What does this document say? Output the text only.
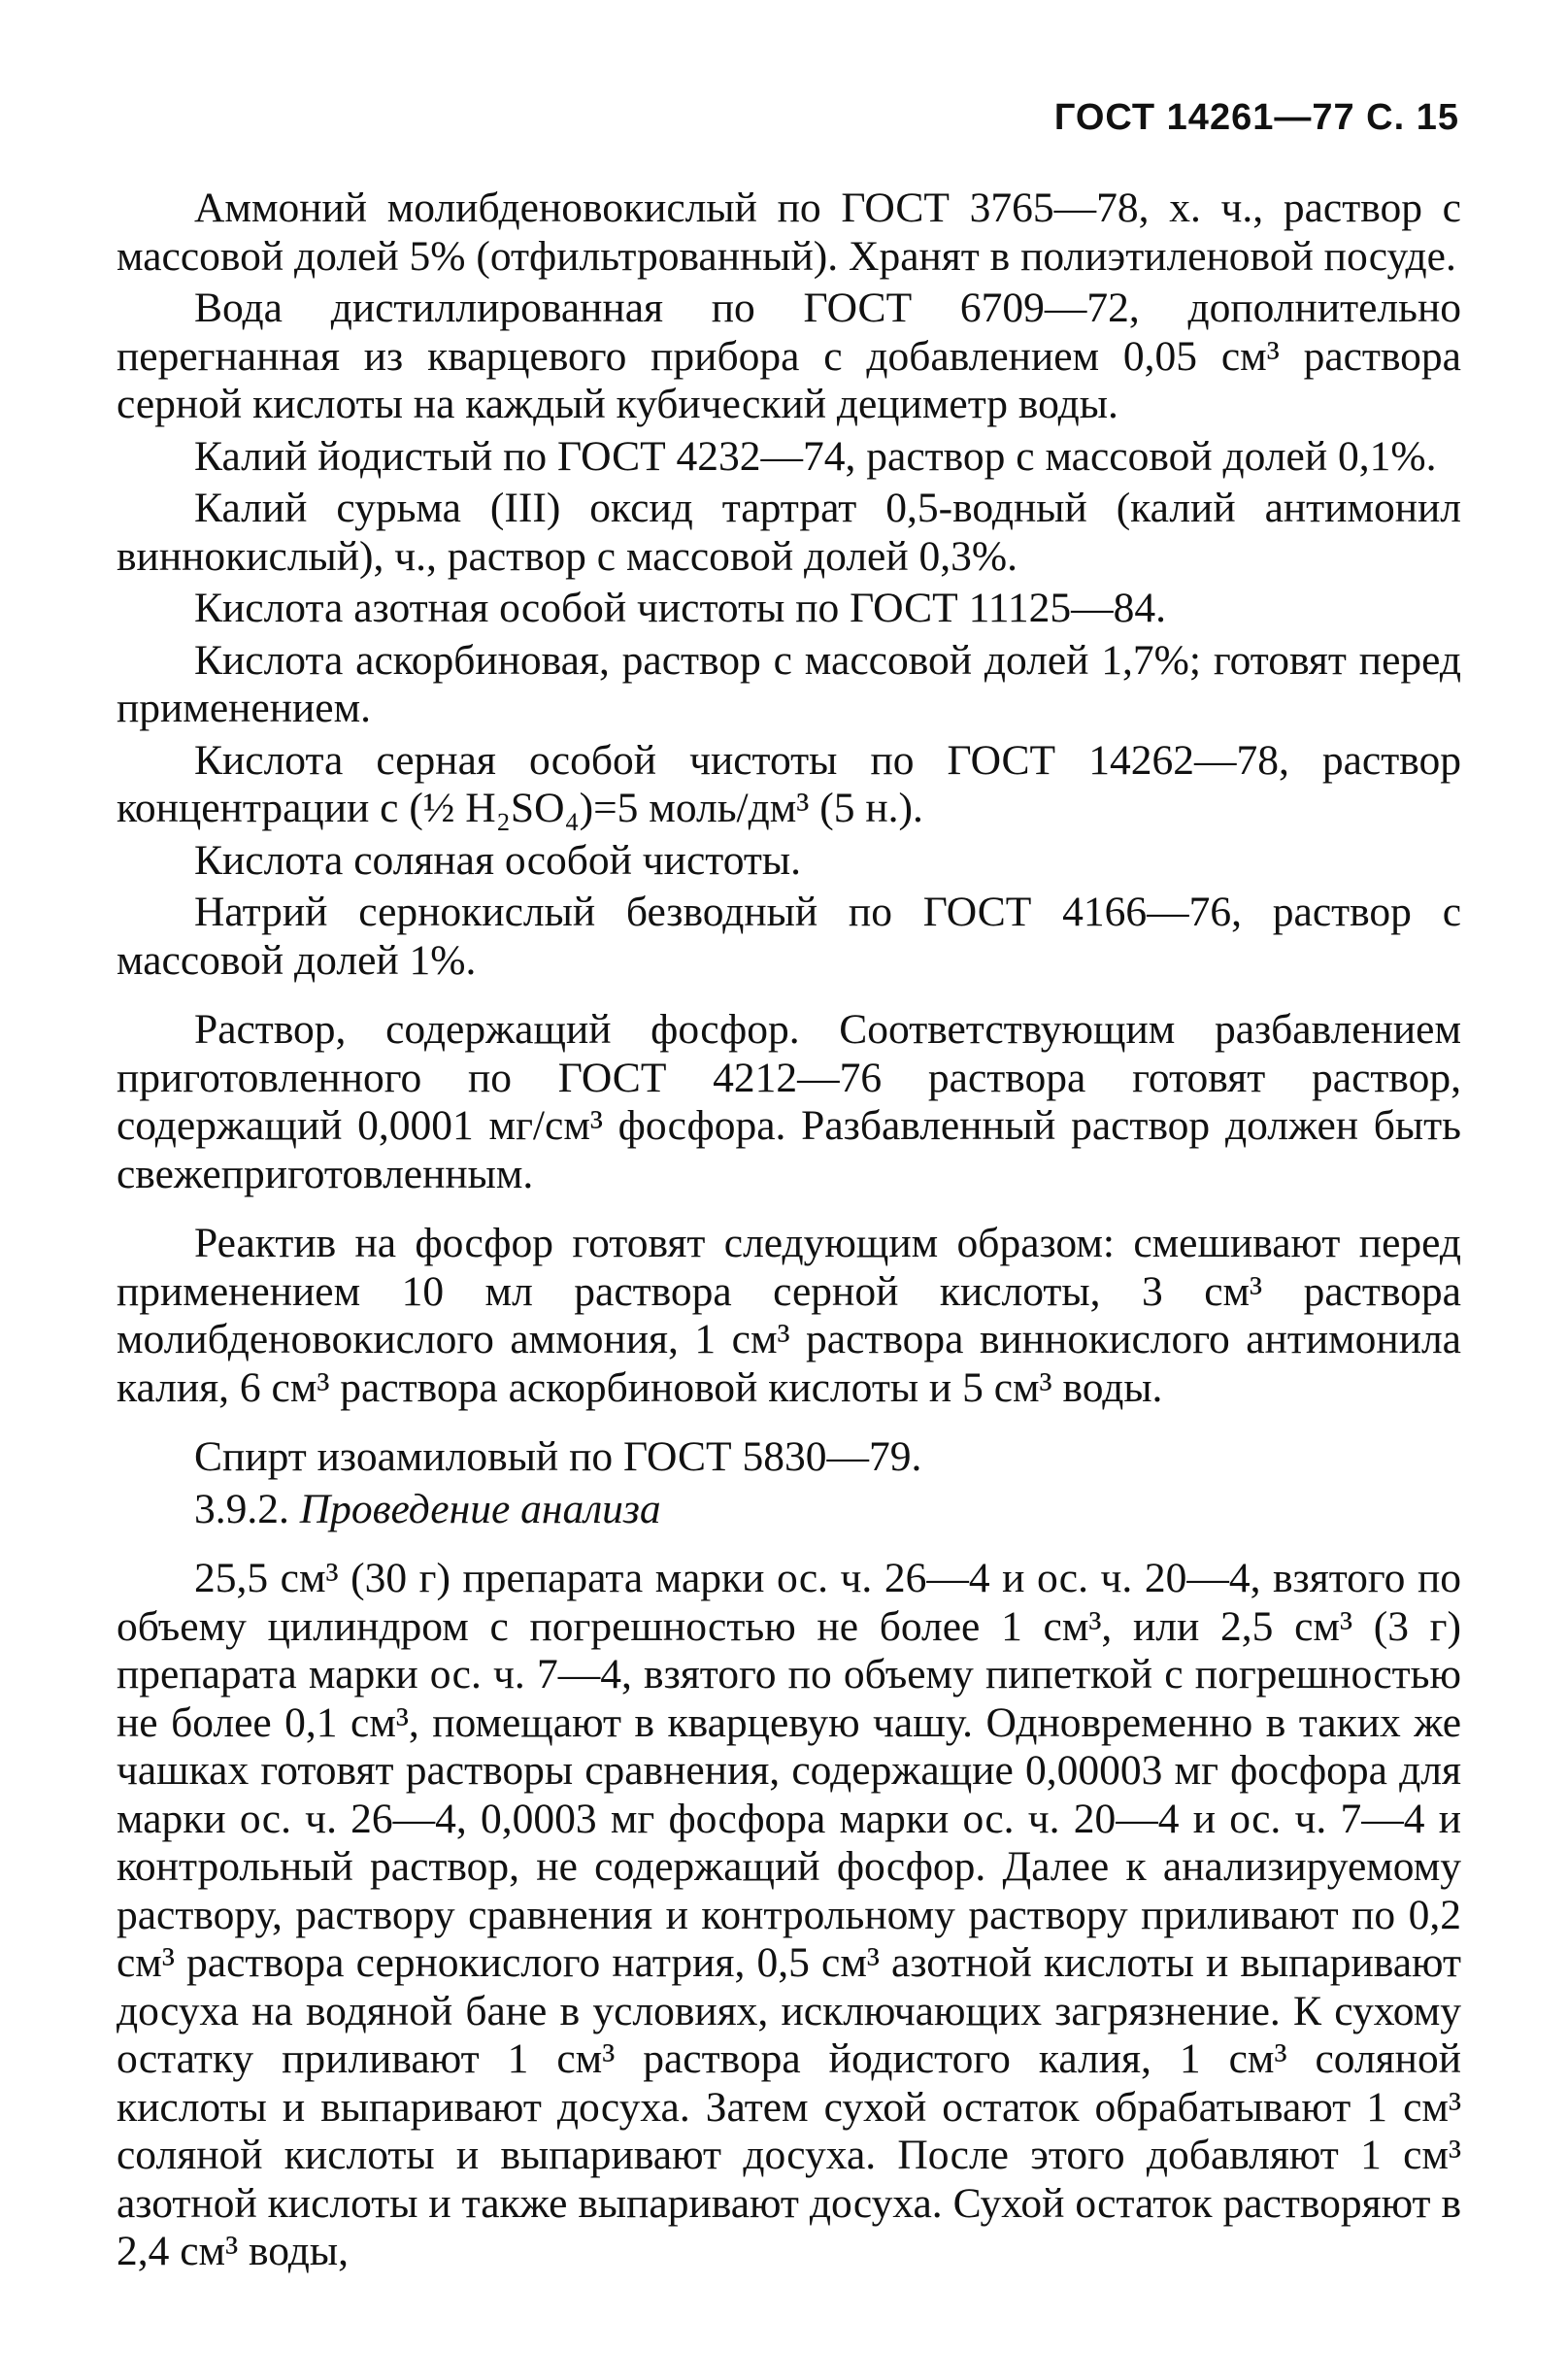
ГОСТ 14261—77 С. 15

Аммоний молибденовокислый по ГОСТ 3765—78, х. ч., раствор с массовой долей 5% (отфильтрованный). Хранят в полиэтиленовой посуде.

Вода дистиллированная по ГОСТ 6709—72, дополнительно перегнанная из кварцевого прибора с добавлением 0,05 см³ раствора серной кислоты на каждый кубический дециметр воды.

Калий йодистый по ГОСТ 4232—74, раствор с массовой долей 0,1%.

Калий сурьма (III) оксид тартрат 0,5-водный (калий антимонил виннокислый), ч., раствор с массовой долей 0,3%.

Кислота азотная особой чистоты по ГОСТ 11125—84.

Кислота аскорбиновая, раствор с массовой долей 1,7%; готовят перед применением.

Кислота серная особой чистоты по ГОСТ 14262—78, раствор концентрации с (½ H₂SO₄)=5 моль/дм³ (5 н.).

Кислота соляная особой чистоты.

Натрий сернокислый безводный по ГОСТ 4166—76, раствор с массовой долей 1%.

Раствор, содержащий фосфор. Соответствующим разбавлением приготовленного по ГОСТ 4212—76 раствора готовят раствор, содержащий 0,0001 мг/см³ фосфора. Разбавленный раствор должен быть свежеприготовленным.

Реактив на фосфор готовят следующим образом: смешивают перед применением 10 мл раствора серной кислоты, 3 см³ раствора молибденовокислого аммония, 1 см³ раствора виннокислого антимонила калия, 6 см³ раствора аскорбиновой кислоты и 5 см³ воды.

Спирт изоамиловый по ГОСТ 5830—79.

3.9.2. Проведение анализа

25,5 см³ (30 г) препарата марки ос. ч. 26—4 и ос. ч. 20—4, взятого по объему цилиндром с погрешностью не более 1 см³, или 2,5 см³ (3 г) препарата марки ос. ч. 7—4, взятого по объему пипеткой с погрешностью не более 0,1 см³, помещают в кварцевую чашу. Одновременно в таких же чашках готовят растворы сравнения, содержащие 0,00003 мг фосфора для марки ос. ч. 26—4, 0,0003 мг фосфора марки ос. ч. 20—4 и ос. ч. 7—4 и контрольный раствор, не содержащий фосфор. Далее к анализируемому раствору, раствору сравнения и контрольному раствору приливают по 0,2 см³ раствора сернокислого натрия, 0,5 см³ азотной кислоты и выпаривают досуха на водяной бане в условиях, исключающих загрязнение. К сухому остатку приливают 1 см³ раствора йодистого калия, 1 см³ соляной кислоты и выпаривают досуха. Затем сухой остаток обрабатывают 1 см³ соляной кислоты и выпаривают досуха. После этого добавляют 1 см³ азотной кислоты и также выпаривают досуха. Сухой остаток растворяют в 2,4 см³ воды,
